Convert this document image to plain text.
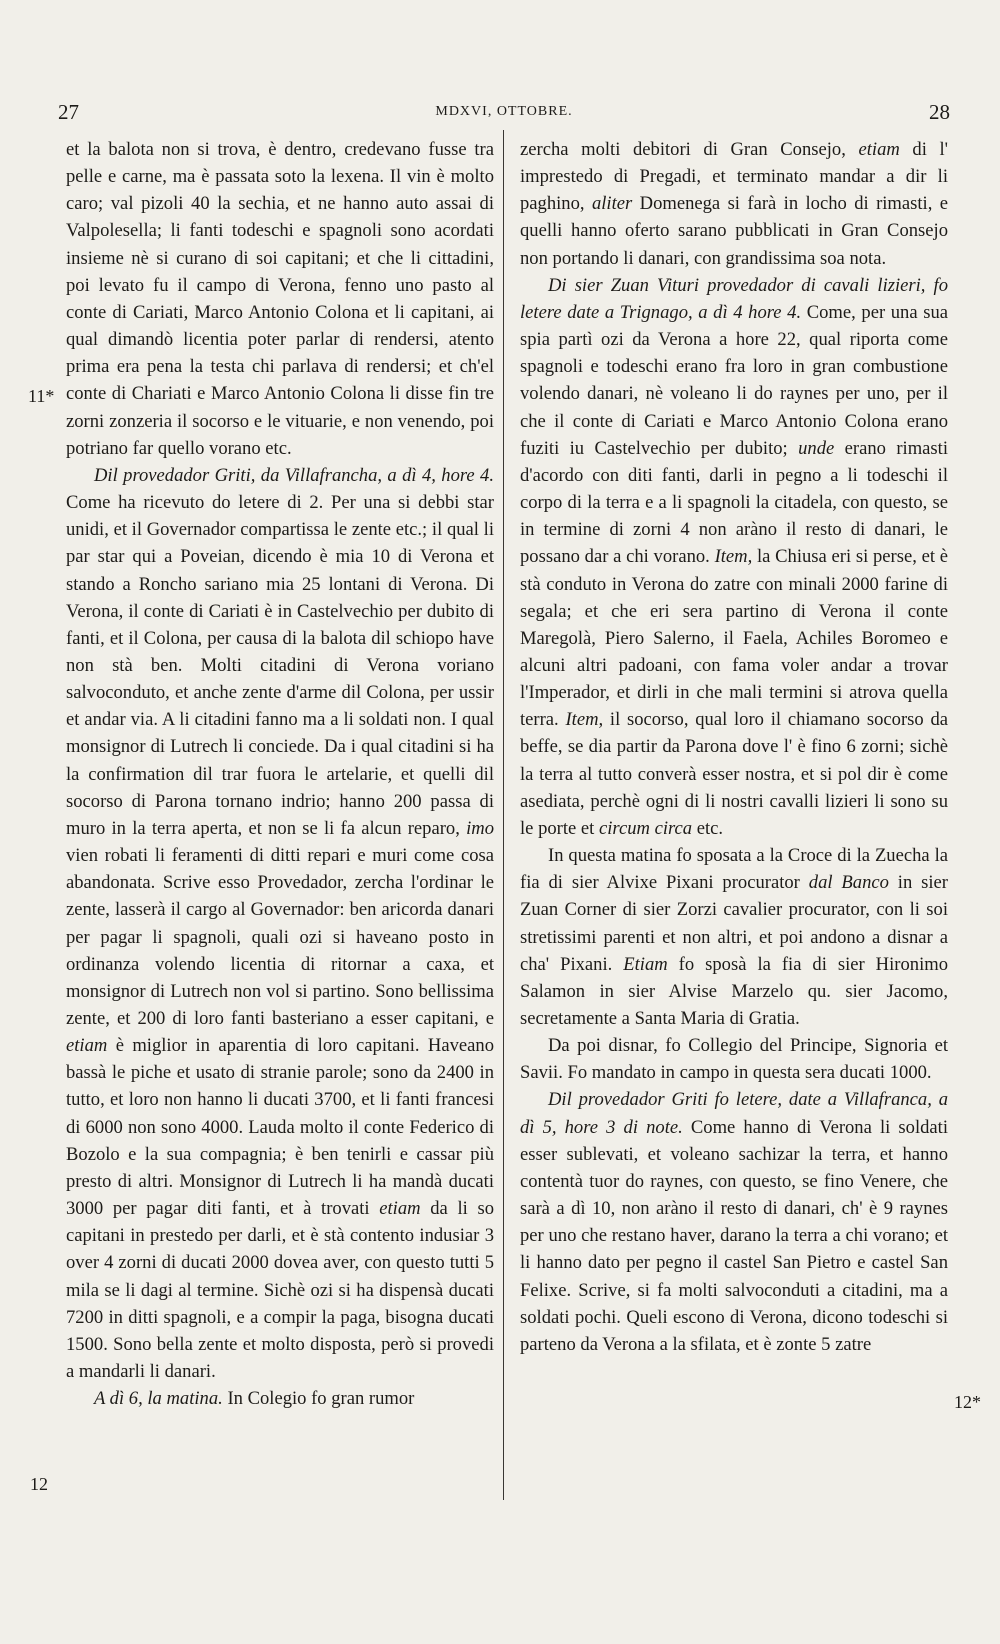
27	MDXVI, OTTOBRE.	28
11*
12
12*

et la balota non si trova, è dentro, credevano fusse tra pelle e carne, ma è passata soto la lexena. Il vin è molto caro; val pizoli 40 la sechia, et ne hanno auto assai di Valpolesella; li fanti todeschi e spagnoli sono acordati insieme nè si curano di soi capitani; et che li cittadini, poi levato fu il campo di Verona, fenno uno pasto al conte di Cariati, Marco Antonio Colona et li capitani, ai qual dimandò licentia poter parlar di rendersi, atento prima era pena la testa chi parlava di rendersi; et ch'el conte di Chariati e Marco Antonio Colona li disse fin tre zorni zonzeria il socorso e le vituarie, e non venendo, poi potriano far quello vorano etc.

Dil provedador Griti, da Villafrancha, a dì 4, hore 4. Come ha ricevuto do letere di 2. Per una si debbi star unidi, et il Governador compartissa le zente etc.; il qual li par star qui a Poveian, dicendo è mia 10 di Verona et stando a Roncho sariano mia 25 lontani di Verona. Di Verona, il conte di Cariati è in Castelvechio per dubito di fanti, et il Colona, per causa di la balota dil schiopo have non stà ben. Molti citadini di Verona voriano salvoconduto, et anche zente d'arme dil Colona, per ussir et andar via. A li citadini fanno ma a li soldati non. I qual monsignor di Lutrech li conciede. Da i qual citadini si ha la confirmation dil trar fuora le artelarie, et quelli dil socorso di Parona tornano indrio; hanno 200 passa di muro in la terra aperta, et non se li fa alcun reparo, imo vien robati li feramenti di ditti repari e muri come cosa abandonata. Scrive esso Provedador, zercha l'ordinar le zente, lasserà il cargo al Governador: ben aricorda danari per pagar li spagnoli, quali ozi si haveano posto in ordinanza volendo licentia di ritornar a caxa, et monsignor di Lutrech non vol si partino. Sono bellissima zente, et 200 di loro fanti basteriano a esser capitani, e etiam è miglior in aparentia di loro capitani. Haveano bassà le piche et usato di stranie parole; sono da 2400 in tutto, et loro non hanno li ducati 3700, et li fanti francesi di 6000 non sono 4000. Lauda molto il conte Federico di Bozolo e la sua compagnia; è ben tenirli e cassar più presto di altri. Monsignor di Lutrech li ha mandà ducati 3000 per pagar diti fanti, et à trovati etiam da li so capitani in prestedo per darli, et è stà contento indusiar 3 over 4 zorni di ducati 2000 dovea aver, con questo tutti 5 mila se li dagi al termine. Sichè ozi si ha dispensà ducati 7200 in ditti spagnoli, e a compir la paga, bisogna ducati 1500. Sono bella zente et molto disposta, però si provedi a mandarli li danari.

A dì 6, la matina. In Colegio fo gran rumor

zercha molti debitori di Gran Consejo, etiam di l' imprestedo di Pregadi, et terminato mandar a dir li paghino, aliter Domenega si farà in locho di rimasti, e quelli hanno oferto sarano pubblicati in Gran Consejo non portando li danari, con grandissima soa nota.

Di sier Zuan Vituri provedador di cavali lizieri, fo letere date a Trignago, a dì 4 hore 4. Come, per una sua spia partì ozi da Verona a hore 22, qual riporta come spagnoli e todeschi erano fra loro in gran combustione volendo danari, nè voleano li do raynes per uno, per il che il conte di Cariati e Marco Antonio Colona erano fuziti iu Castelvechio per dubito; unde erano rimasti d'acordo con diti fanti, darli in pegno a li todeschi il corpo di la terra e a li spagnoli la citadela, con questo, se in termine di zorni 4 non aràno il resto di danari, le possano dar a chi vorano. Item, la Chiusa eri si perse, et è stà conduto in Verona do zatre con minali 2000 farine di segala; et che eri sera partino di Verona il conte Maregolà, Piero Salerno, il Faela, Achiles Boromeo e alcuni altri padoani, con fama voler andar a trovar l'Imperador, et dirli in che mali termini si atrova quella terra. Item, il socorso, qual loro il chiamano socorso da beffe, se dia partir da Parona dove l' è fino 6 zorni; sichè la terra al tutto converà esser nostra, et si pol dir è come asediata, perchè ogni di li nostri cavalli lizieri li sono su le porte et circum circa etc.

In questa matina fo sposata a la Croce di la Zuecha la fia di sier Alvixe Pixani procurator dal Banco in sier Zuan Corner di sier Zorzi cavalier procurator, con li soi stretissimi parenti et non altri, et poi andono a disnar a cha' Pixani. Etiam fo sposà la fia di sier Hironimo Salamon in sier Alvise Marzelo qu. sier Jacomo, secretamente a Santa Maria di Gratia.

Da poi disnar, fo Collegio del Principe, Signoria et Savii. Fo mandato in campo in questa sera ducati 1000.

Dil provedador Griti fo letere, date a Villafranca, a dì 5, hore 3 di note. Come hanno di Verona li soldati esser sublevati, et voleano sachizar la terra, et hanno contentà tuor do raynes, con questo, se fino Venere, che sarà a dì 10, non aràno il resto di danari, ch' è 9 raynes per uno che restano haver, darano la terra a chi vorano; et li hanno dato per pegno il castel San Pietro e castel San Felixe. Scrive, si fa molti salvoconduti a citadini, ma a soldati pochi. Queli escono di Verona, dicono todeschi si parteno da Verona a la sfilata, et è zonte 5 zatre
